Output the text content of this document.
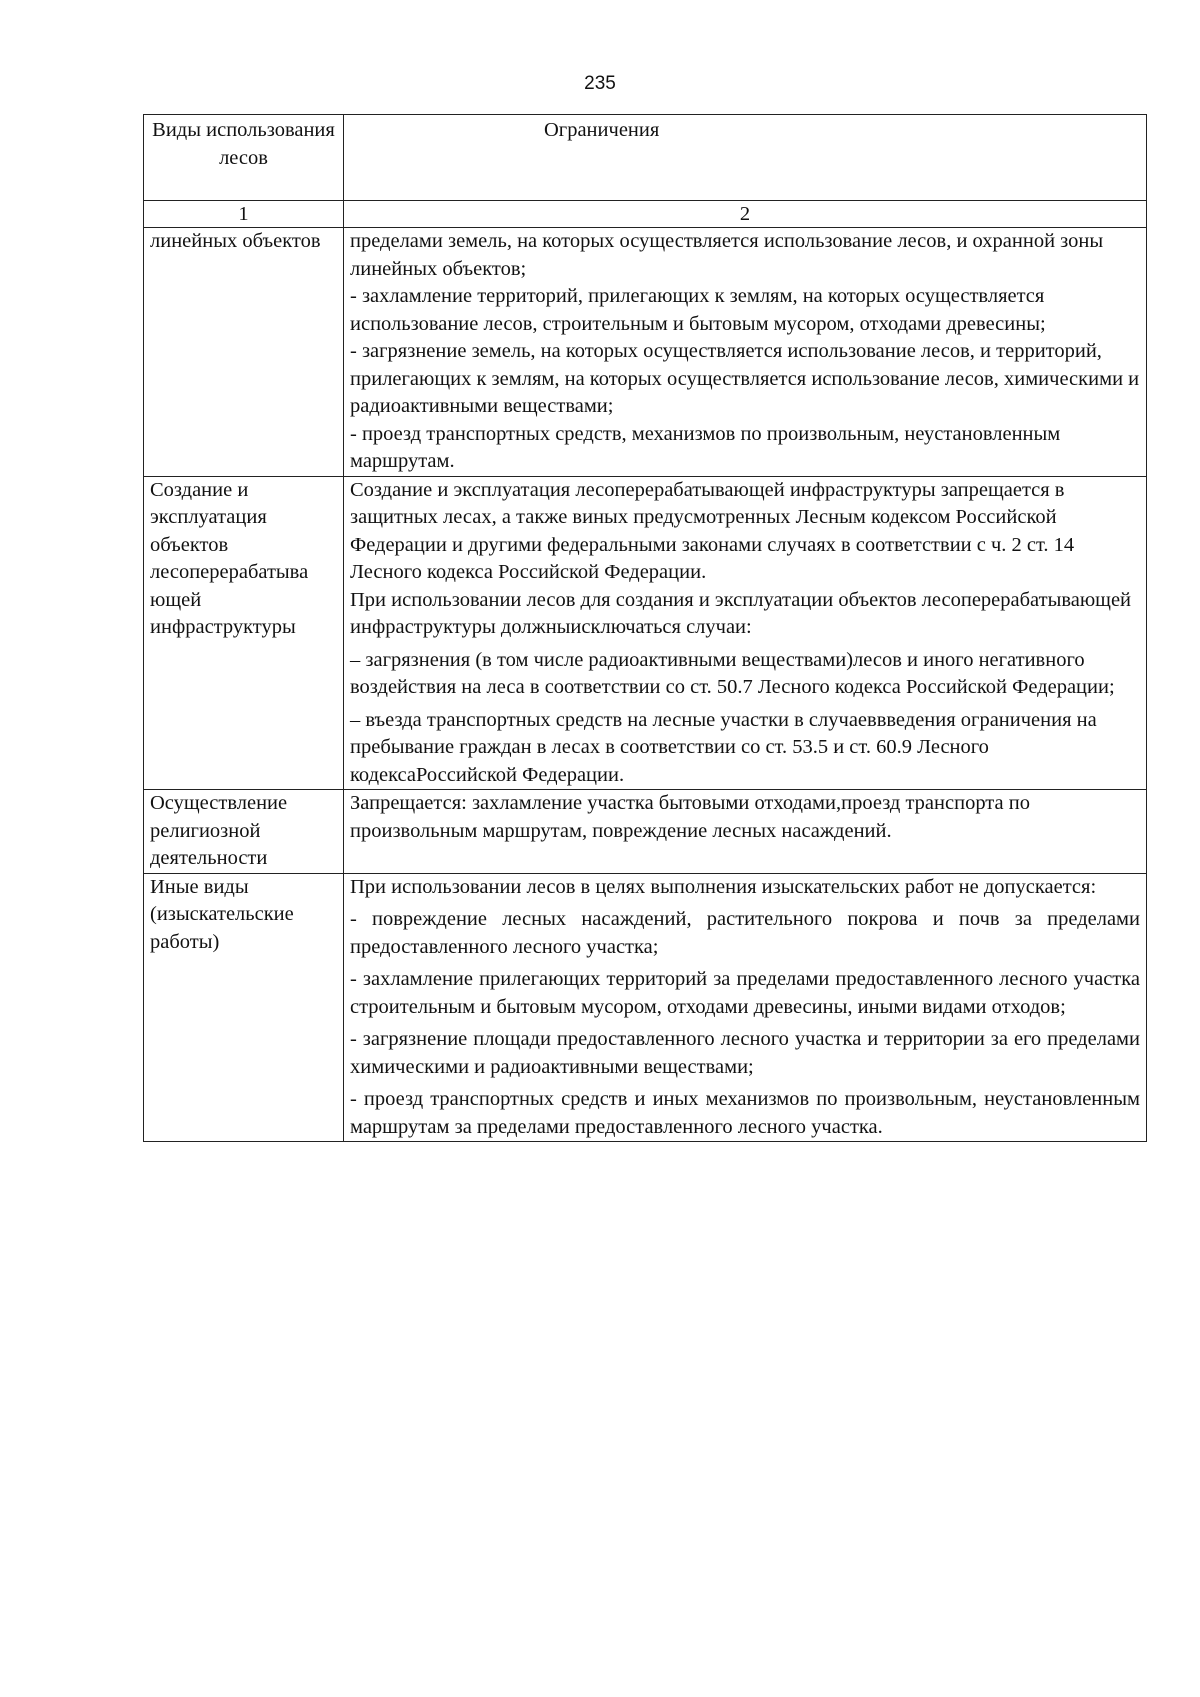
235
Виды использования лесов	Ограничения
1	2
линейных объектов	пределами земель, на которых осуществляется использование лесов, и охранной зоны линейных объектов;

- захламление территорий, прилегающих к землям, на которых осуществляется использование лесов, строительным и бытовым мусором, отходами древесины;

- загрязнение земель, на которых осуществляется использование лесов, и территорий, прилегающих к землям, на которых осуществляется использование лесов, химическими и радиоактивными веществами;

- проезд транспортных средств, механизмов по произвольным, неустановленным маршрутам.

Создание и эксплуатация объектов лесоперерабатыва ющей инфраструктуры	Создание и эксплуатация лесоперерабатывающей инфраструктуры запрещается в защитных лесах, а также виных предусмотренных Лесным кодексом Российской Федерации и другими федеральными законами случаях в соответствии с ч. 2 ст. 14 Лесного кодекса Российской Федерации.

При использовании лесов для создания и эксплуатации объектов лесоперерабатывающей инфраструктуры должныисключаться случаи:

– загрязнения (в том числе радиоактивными веществами)лесов и иного негативного воздействия на леса в соответствии со ст. 50.7 Лесного кодекса Российской Федерации;

– въезда транспортных средств на лесные участки в случаеввведения ограничения на пребывание граждан в лесах в соответствии со ст. 53.5 и ст. 60.9 Лесного кодексаРоссийской Федерации.

Осуществление религиозной деятельности	Запрещается: захламление участка бытовыми отходами,проезд транспорта по произвольным маршрутам, повреждение лесных насаждений.

Иные виды (изыскательские работы)	При использовании лесов в целях выполнения изыскательских работ не допускается:

- повреждение лесных насаждений, растительного покрова и почв за пределами предоставленного лесного участка;

- захламление прилегающих территорий за пределами предоставленного лесного участка строительным и бытовым мусором, отходами древесины, иными видами отходов;

- загрязнение площади предоставленного лесного участка и территории за его пределами химическими и радиоактивными веществами;

- проезд транспортных средств и иных механизмов по произвольным, неустановленным маршрутам за пределами предоставленного лесного участка.
